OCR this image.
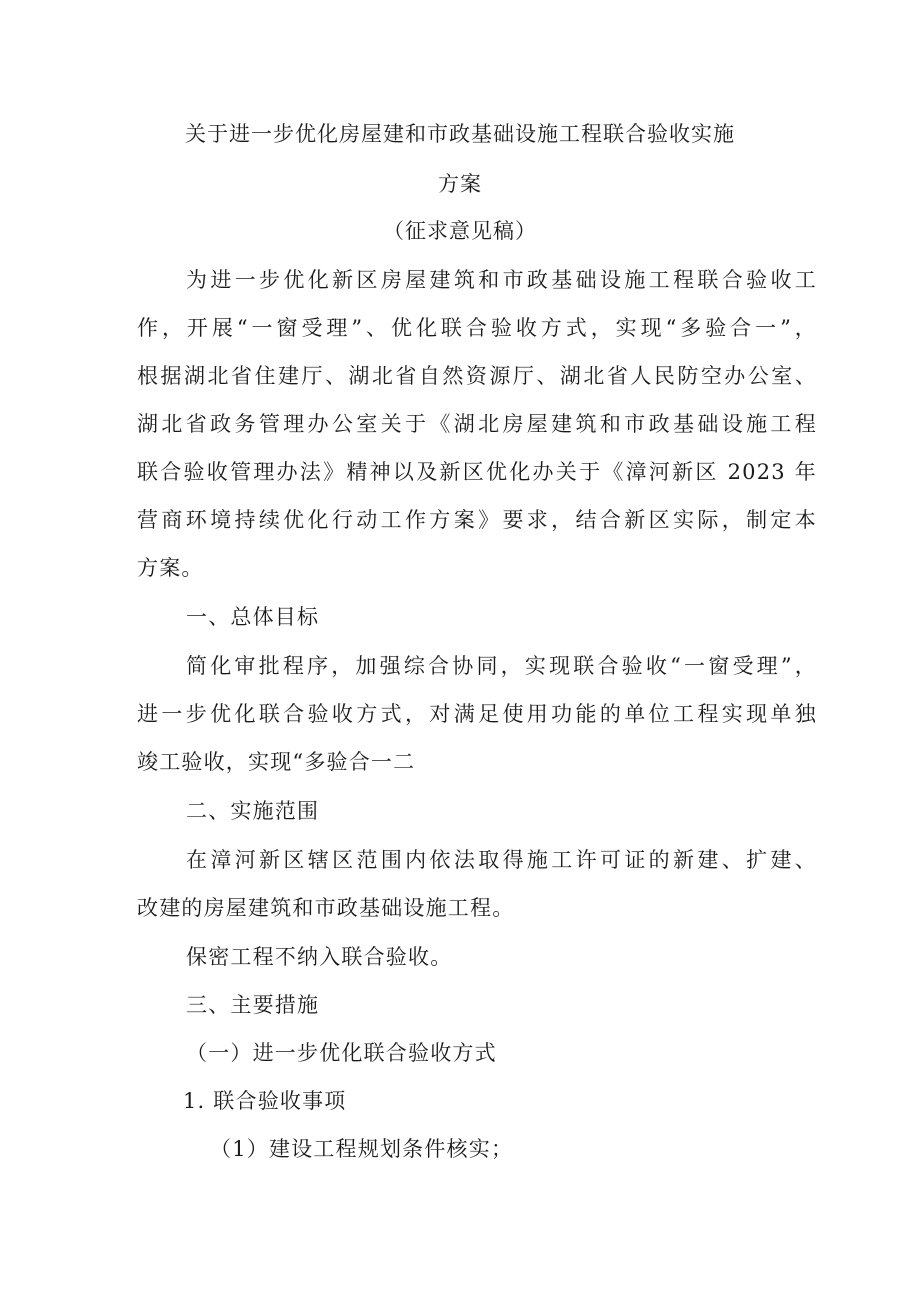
关于进一步优化房屋建和市政基础设施工程联合验收实施
方案
（征求意见稿）
为进一步优化新区房屋建筑和市政基础设施工程联合验收工
作，开展“一窗受理”、优化联合验收方式，实现“多验合一”，
根据湖北省住建厅、湖北省自然资源厅、湖北省人民防空办公室、
湖北省政务管理办公室关于《湖北房屋建筑和市政基础设施工程
联合验收管理办法》精神以及新区优化办关于《漳河新区 2023 年
营商环境持续优化行动工作方案》要求，结合新区实际，制定本
方案。
一、总体目标
简化审批程序，加强综合协同，实现联合验收“一窗受理”，
进一步优化联合验收方式，对满足使用功能的单位工程实现单独
竣工验收，实现“多验合一二
二、实施范围
在漳河新区辖区范围内依法取得施工许可证的新建、扩建、
改建的房屋建筑和市政基础设施工程。
保密工程不纳入联合验收。
三、主要措施
（一）进一步优化联合验收方式
1. 联合验收事项
（1）建设工程规划条件核实；
